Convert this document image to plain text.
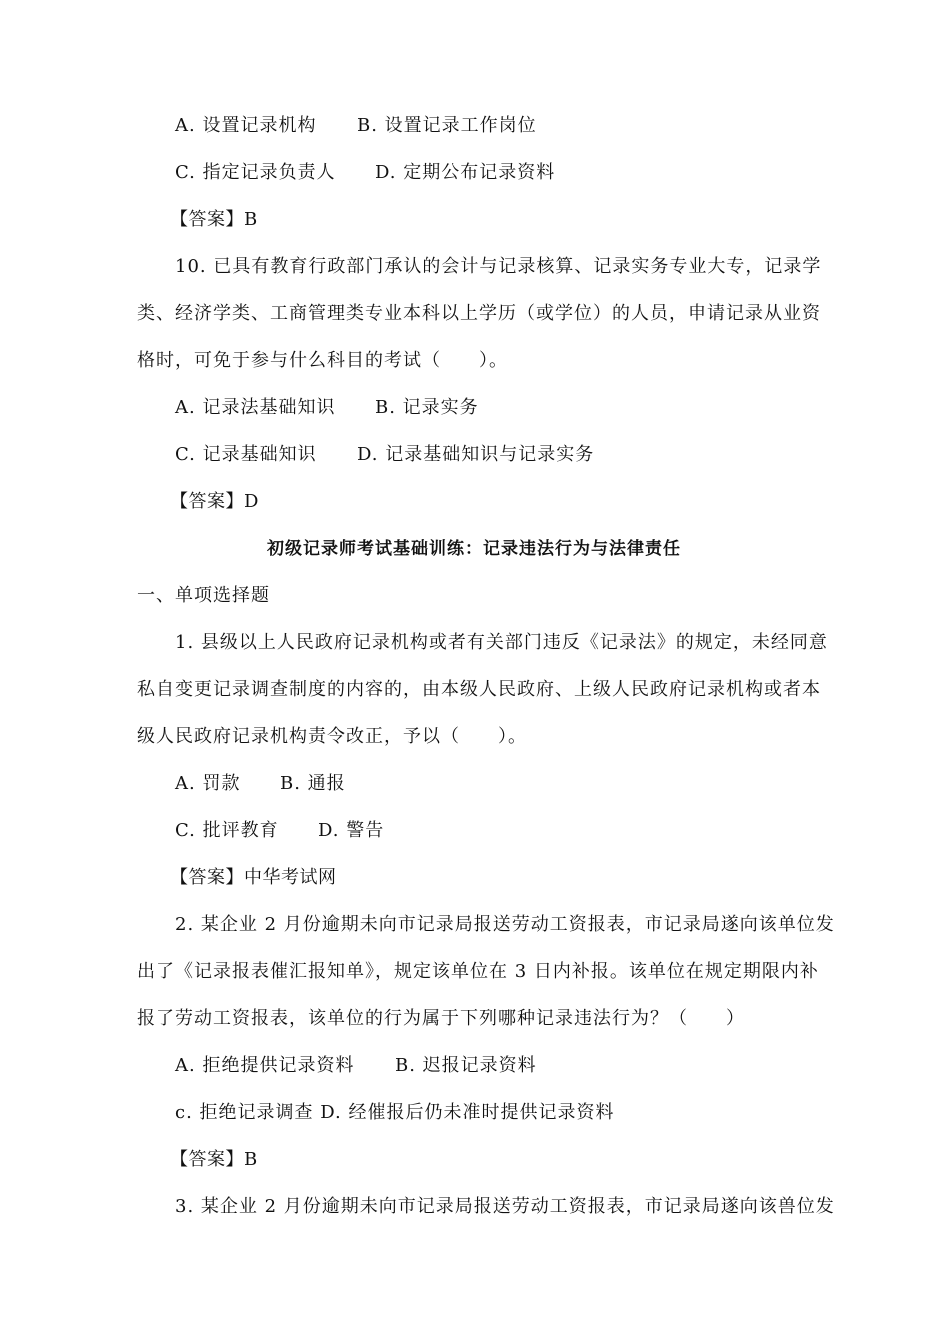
A. 设置记录机构 B. 设置记录工作岗位
C. 指定记录负责人 D. 定期公布记录资料
【答案】B
10. 已具有教育行政部门承认的会计与记录核算、记录实务专业大专，记录学
类、经济学类、工商管理类专业本科以上学历（或学位）的人员，申请记录从业资
格时，可免于参与什么科目的考试（　　）。
A. 记录法基础知识 B. 记录实务
C. 记录基础知识 D. 记录基础知识与记录实务
【答案】D
初级记录师考试基础训练：记录违法行为与法律责任
一、单项选择题
1. 县级以上人民政府记录机构或者有关部门违反《记录法》的规定，未经同意
私自变更记录调查制度的内容的，由本级人民政府、上级人民政府记录机构或者本
级人民政府记录机构责令改正，予以（　　）。
A. 罚款 B. 通报
C. 批评教育 D. 警告
【答案】中华考试网
2. 某企业 2 月份逾期未向市记录局报送劳动工资报表，市记录局遂向该单位发
出了《记录报表催汇报知单》，规定该单位在 3 日内补报。该单位在规定期限内补
报了劳动工资报表，该单位的行为属于下列哪种记录违法行为？（　　）
A. 拒绝提供记录资料 B. 迟报记录资料
c. 拒绝记录调查 D. 经催报后仍未准时提供记录资料
【答案】B
3. 某企业 2 月份逾期未向市记录局报送劳动工资报表，市记录局遂向该兽位发
